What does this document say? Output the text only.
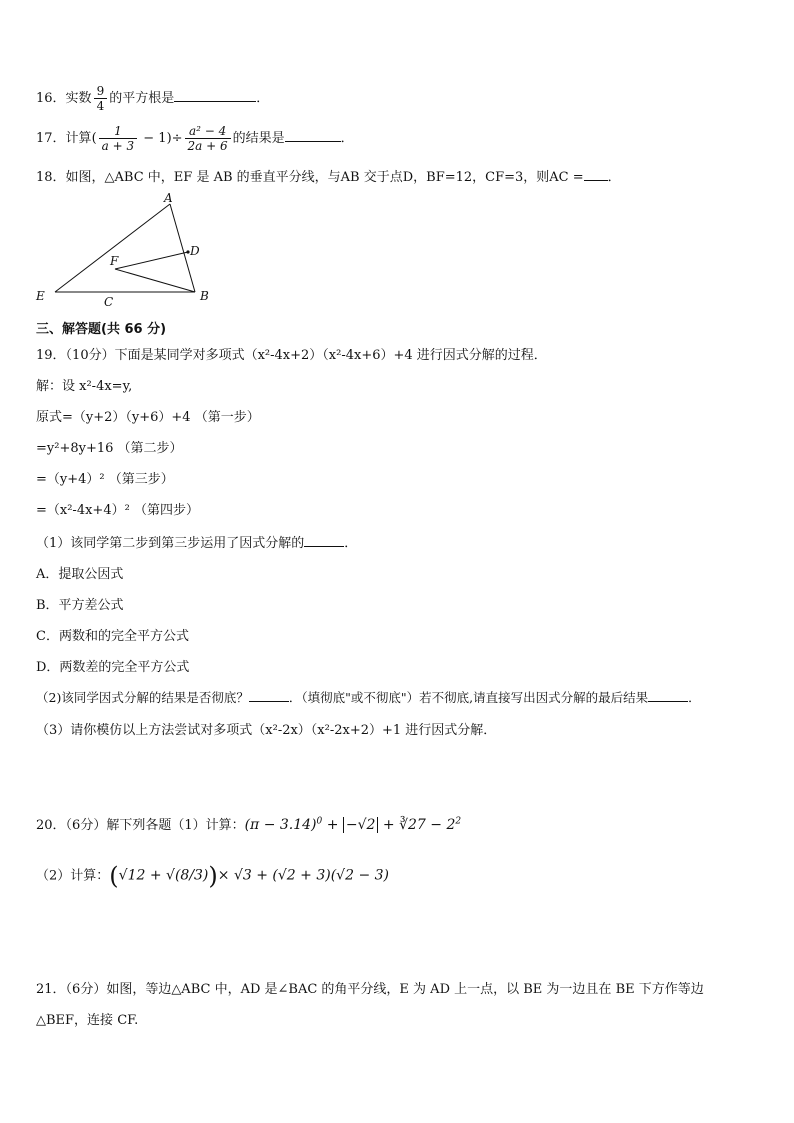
16．实数 $\frac{9}{4}$ 的平方根是	．
17．计算( $\frac{1}{a + 3} - 1)\div \frac{\text{a² − 4}}{2a + 6}$ 的结果是	．
18．如图，△ABC 中，EF 是 AB 的垂直平分线，与AB 交于点D，BF=12，CF=3，则AC = ．
A
D
F
E	C	B
三、解答题(共 66 分)
19．（10分）下面是某同学对多项式（x²-4x+2）（x²-4x+6）+4 进行因式分解的过程．
解：设 x²-4x=y,
原式=（y+2）（y+6）+4 （第一步）
=y²+8y+16 （第二步）
=（y+4）² （第三步）
=（x²-4x+4）² （第四步）
（1）该同学第二步到第三步运用了因式分解的	．
A．提取公因式
B．平方差公式
C．两数和的完全平方公式
D．两数差的完全平方公式
（2)该同学因式分解的结果是否彻底？	．（填彻底"或不彻底"）若不彻底,请直接写出因式分解的最后结果	．
（3）请你模仿以上方法尝试对多项式（x²-2x）（x²-2x+2）+1 进行因式分解．
20．（6分）解下列各题（1）计算：$(\pi - 3.14)^0 + -√2$ + ∛27 − $2^2$
（2）计算：(√12 + √(8/3))× √3 + (√2 + 3)(√2 − 3)
21．（6分）如图，等边△ABC 中，AD 是∠BAC 的角平分线，E 为 AD 上一点，以 BE 为一边且在 BE 下方作等边
△BEF，连接 CF.
